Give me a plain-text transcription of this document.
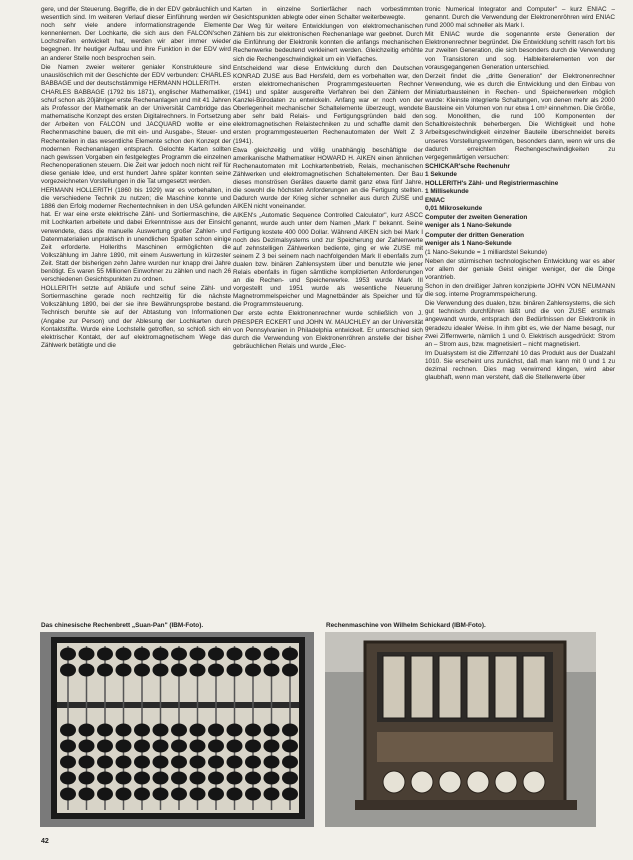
gere, und der Steuerung. Begriffe, die in der EDV gebräuchlich und wesentlich sind. Im weiteren Verlauf dieser Einführung werden wir noch sehr viele andere informationstragende Elemente kennenlernen. Der Lochkarte, die sich aus den FALCON'schen Lochstreifen entwickelt hat, werden wir aber immer wieder begegnen. Ihr heutiger Aufbau und ihre Funktion in der EDV wird an anderer Stelle noch besprochen sein.

Die Namen zweier weiterer genialer Konstrukteure sind unauslöschlich mit der Geschichte der EDV verbunden: CHARLES BABBAGE und der deutschstämmige HERMANN HOLLERITH.

CHARLES BABBAGE (1792 bis 1871), englischer Mathematiker, schuf schon als 20jähriger erste Rechenanlagen und mit 41 Jahren als Professor der Mathematik an der Universität Cambridge das mathematische Konzept des ersten Digitalrechners. In Fortsetzung der Arbeiten von FALCON und JACQUARD wollte er eine Rechenmaschine bauen, die mit ein- und Ausgabe-, Steuer- und Rechenteilen in das wesentliche Elemente schon den Konzept der modernen Rechenanlagen entsprach. Gelochte Karten sollten nach gewissen Vorgaben ein festgelegtes Programm die einzelnen Rechenoperationen steuern. Die Zeit war jedoch noch nicht reif für diese geniale Idee, und erst hundert Jahre später konnten seine vorgezeichneten Vorstellungen in die Tat umgesetzt werden.

HERMANN HOLLERITH (1860 bis 1929) war es vorbehalten, in die verschiedene Technik zu nutzen; die Maschine konnte und 1886 den Erfolg moderner Rechentechniken in den USA gefunden hat. Er war eine erste elektrische Zähl- und Sortiermaschine, die mit Lochkarten arbeitete und dabei Erkenntnisse aus der Einsicht verwendete, dass die manuelle Auswertung großer Zahlen- und Datenmaterialien unpraktisch in unendlichen Spalten schon einige Zeit erforderte. Holleriths Maschinen ermöglichten die Volkszählung im Jahre 1890, mit einem Auswertung in kürzester Zeit. Statt der bisherigen zehn Jahre wurden nur knapp drei Jahre benötigt. Es waren 55 Millionen Einwohner zu zählen und nach 26 verschiedenen Gesichtspunkten zu ordnen.

HOLLERITH setzte auf Abläufe und schuf seine Zähl- und Sortiermaschine gerade noch rechtzeitig für die nächste Volkszählung 1890, bei der sie ihre Bewährungsprobe bestand. Technisch beruhte sie auf der Abtastung von Informationen (Angabe zur Person) und der Ablesung der Lochkarten durch Kontaktstifte. Wurde eine Lochstelle getroffen, so schloß sich ein elektrischer Kontakt, der auf elektromagnetischem Wege das Zählwerk betätigte und die

Karten in einzelne Sortierfächer nach vorbestimmten Gesichtspunkten ablegte oder einen Schalter weiterbewegte.

Der Weg für weitere Entwicklungen von elektromechanischen Zählern bis zur elektronischen Rechenanlage war geebnet. Durch die Einführung der Elektronik konnten die anfangs mechanischen Rechenwerke bedeutend verkleinert werden. Gleichzeitig erhöhte sich die Rechengeschwindigkeit um ein Vielfaches.

Entscheidend war diese Entwicklung durch den Deutschen KONRAD ZUSE aus Bad Hersfeld, dem es vorbehalten war, den ersten elektromechanischen Programmgesteuerten Rechner (1941) und später ausgereifte Verfahren bei den Zählern der Kanzlei-Bürodaten zu entwickeln. Anfang war er noch von der Oberlegenheit mechanischer Schaltelemente überzeugt, wendete aber sehr bald Relais- und Fertigungsgründen bald den elektromagnetischen Relaistechniken zu und schaffte damit den ersten programmgesteuerten Rechenautomaten der Welt Z 3 (1941).

Etwa gleichzeitig und völlig unabhängig beschäftigte der amerikanische Mathematiker HOWARD H. AIKEN einen ähnlichen Rechenautomaten mit Lochkartenbetrieb, Relais, mechanischen Zählwerken und elektromagnetischen Schaltelementen. Der Bau dieses monströsen Gerätes dauerte damit ganz etwa fünf Jahre, die sowohl die höchsten Anforderungen an die Fertigung stellten. Dadurch wurde der Krieg sicher schneller aus durch ZUSE und AIKEN nicht voneinander.

AIKEN's „Automatic Sequence Controlled Calculator", kurz ASCC genannt, wurde auch unter dem Namen „Mark I" bekannt. Seine Fertigung kostete 400 000 Dollar. Während AIKEN sich bei Mark I noch des Dezimalsystems und zur Speicherung der Zahlenwerte auf zehnstelligen Zählwerken bediente, ging er wie ZUSE mit seinem Z 3 bei seinem nach nachfolgenden Mark II ebenfalls zum dualen bzw. binären Zahlensystem über und benutzte wie jener Relais ebenfalls in fügen sämtliche komplizierten Anforderungen an die Rechen- und Speicherwerke. 1953 wurde Mark III vorgestellt und 1951 wurde als wesentliche Neuerung Magnetrommelspeicher und Magnetbänder als Speicher und für die Programmsteuerung.

Der erste echte Elektronenrechner wurde schließlich von J. PRESPER ECKERT und JOHN W. MAUCHLEY an der Universität von Pennsylvanien in Philadelphia entwickelt. Er unterschied sich durch die Verwendung von Elektronenröhren anstelle der bisher gebräuchlichen Relais und wurde „Elec-

tronic Numerical Integrator and Computer" – kurz ENIAC – genannt. Durch die Verwendung der Elektronenröhren wird ENIAC rund 2000 mal schneller als Mark I.

Mit ENIAC wurde die sogenannte erste Generation der Elektronenrechner begründet. Die Entwicklung schritt rasch fort bis zur zweiten Generation, die sich besonders durch die Verwendung von Transistoren und sog. Halbleiterelementen von der vorausgegangenen Generation unterschied.

Derzeit findet die „dritte Generation" der Elektronenrechner Verwendung, wie es durch die Entwicklung und den Einbau von Miniaturbausteinen in Rechen- und Speicherwerken möglich wurde: Kleinste integrierte Schaltungen, von denen mehr als 2000 Bausteine ein Volumen von nur etwa 1 cm³ einnehmen. Die Größe, sog. Monolithen, die rund 100 Komponenten der Schaltkreistechnik beherbergen. Die Wichtigkeit und hohe Arbeitsgeschwindigkeit einzelner Bauteile überschneidet bereits unseres Vorstellungsvermögen, besonders dann, wenn wir uns die dadurch erreichten Rechengeschwindigkeiten zu vergegenwärtigen versuchen:

SCHICKAR'sche Rechenuhr
1 Sekunde

HOLLERITH's Zähl- und Registriermaschine
1 Millisekunde

ENIAC
0,01 Mikrosekunde

Computer der zweiten Generation
weniger als 1 Nano-Sekunde

Computer der dritten Generation
weniger als 1 Nano-Sekunde

(1 Nano-Sekunde = 1 milliardstel Sekunde)

Neben der stürmischen technologischen Entwicklung war es aber vor allem der geniale Geist einiger weniger, der die Dinge vorantrieb.

Schon in den dreißiger Jahren konzipierte JOHN VON NEUMANN die sog. interne Programmspeicherung.

Die Verwendung des dualen, bzw. binären Zahlensystems, die sich gut technisch durchführen läßt und die von ZUSE erstmals angewandt wurde, entsprach den Bedürfnissen der Elektronik in geradezu idealer Weise. In ihm gibt es, wie der Name besagt, nur zwei Ziffernwerte, nämlich 1 und 0. Elektrisch ausgedrückt: Strom an – Strom aus, bzw. magnetisiert – nicht magnetisiert.

Im Dualsystem ist die Ziffernzahl 10 das Produkt aus der Dualzahl 1010. Sie erscheint uns zunächst, daß man kann mit 0 und 1 zu dezimal rechnen. Dies mag verwirrend klingen, wird aber glaubhaft, wenn man versteht, daß die Stellenwerte über

Das chinesische Rechenbrett „Suan-Pan" (IBM-Foto).	Rechenmaschine von Wilhelm Schickard (IBM-Foto).
42
